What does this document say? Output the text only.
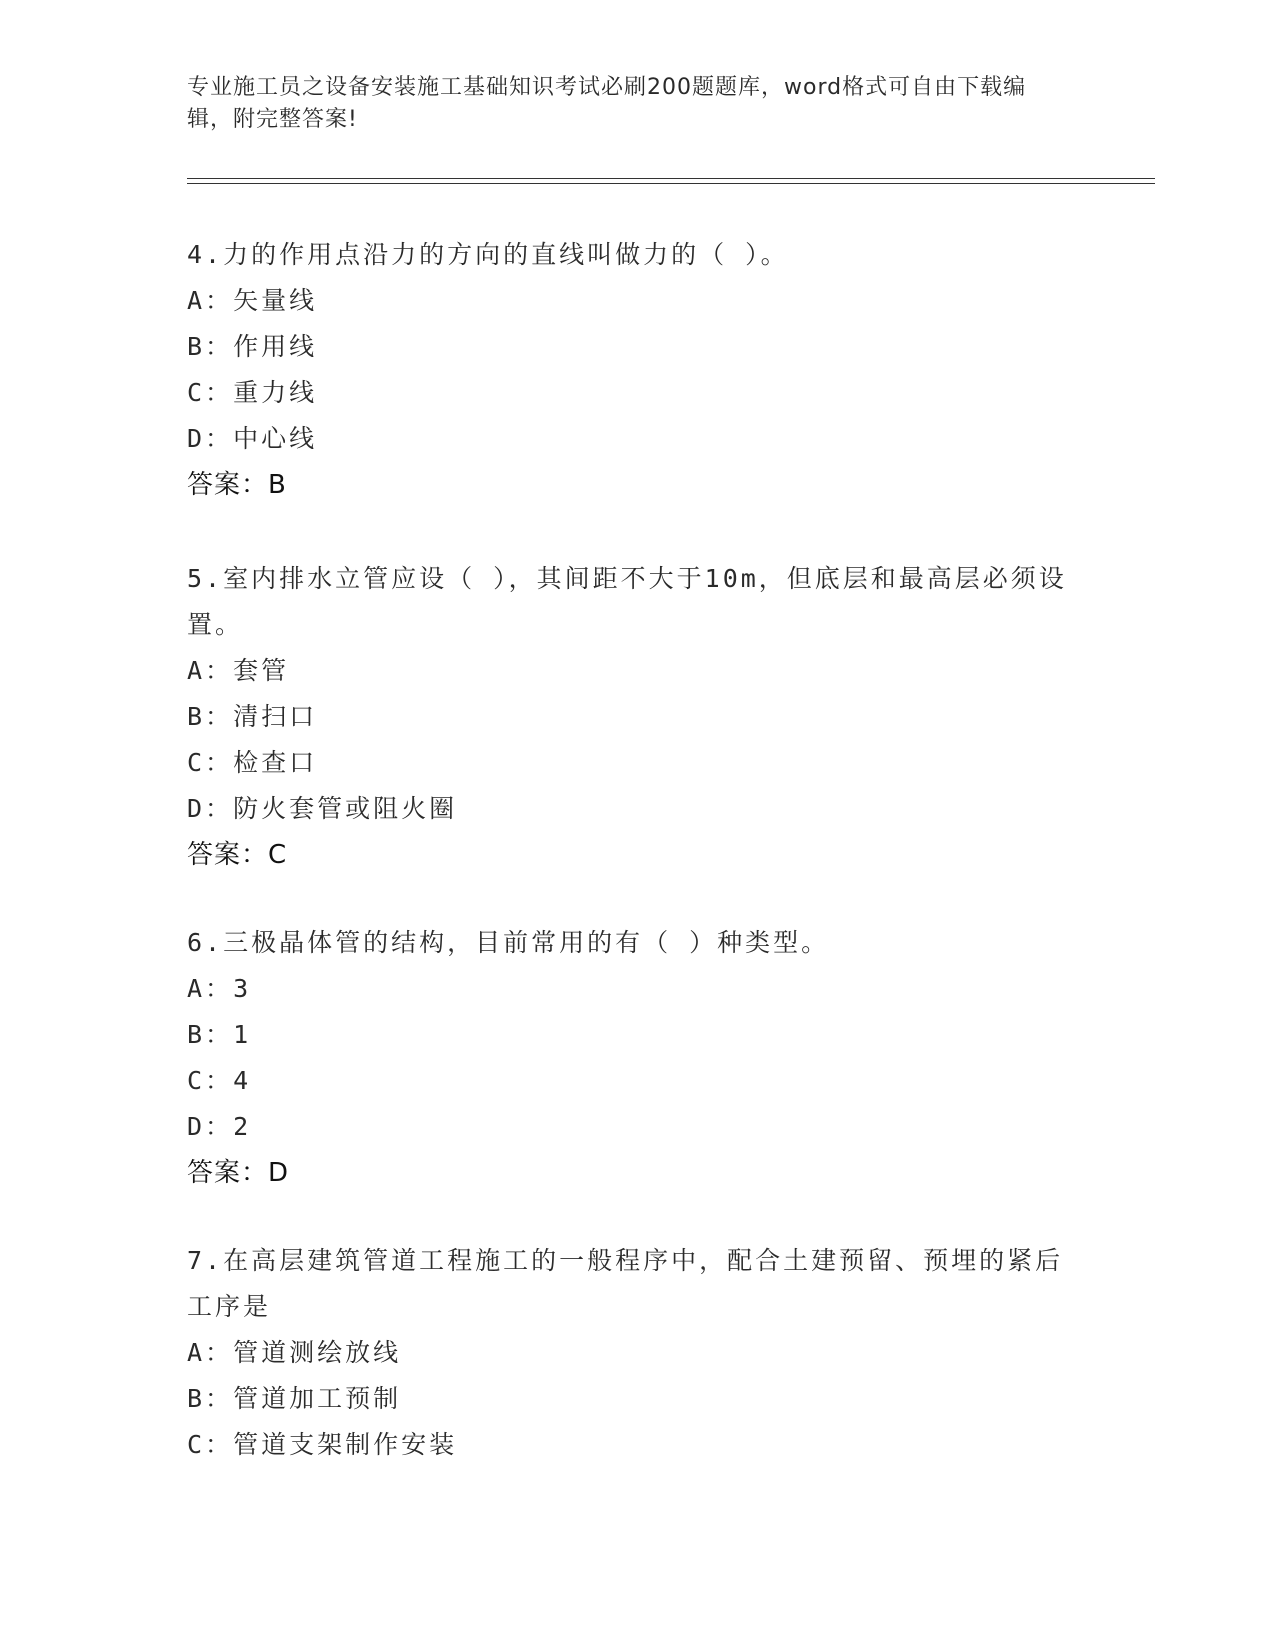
专业施工员之设备安装施工基础知识考试必刷200题题库，word格式可自由下载编辑，附完整答案!

4.力的作用点沿力的方向的直线叫做力的（ ）。

A：矢量线

B：作用线

C：重力线

D：中心线

答案：B

5.室内排水立管应设（ ），其间距不大于10m，但底层和最高层必须设置。

A：套管

B：清扫口

C：检查口

D：防火套管或阻火圈

答案：C

6.三极晶体管的结构，目前常用的有（ ）种类型。

A：3

B：1

C：4

D：2

答案：D

7.在高层建筑管道工程施工的一般程序中，配合土建预留、预埋的紧后工序是

A：管道测绘放线

B：管道加工预制

C：管道支架制作安装
